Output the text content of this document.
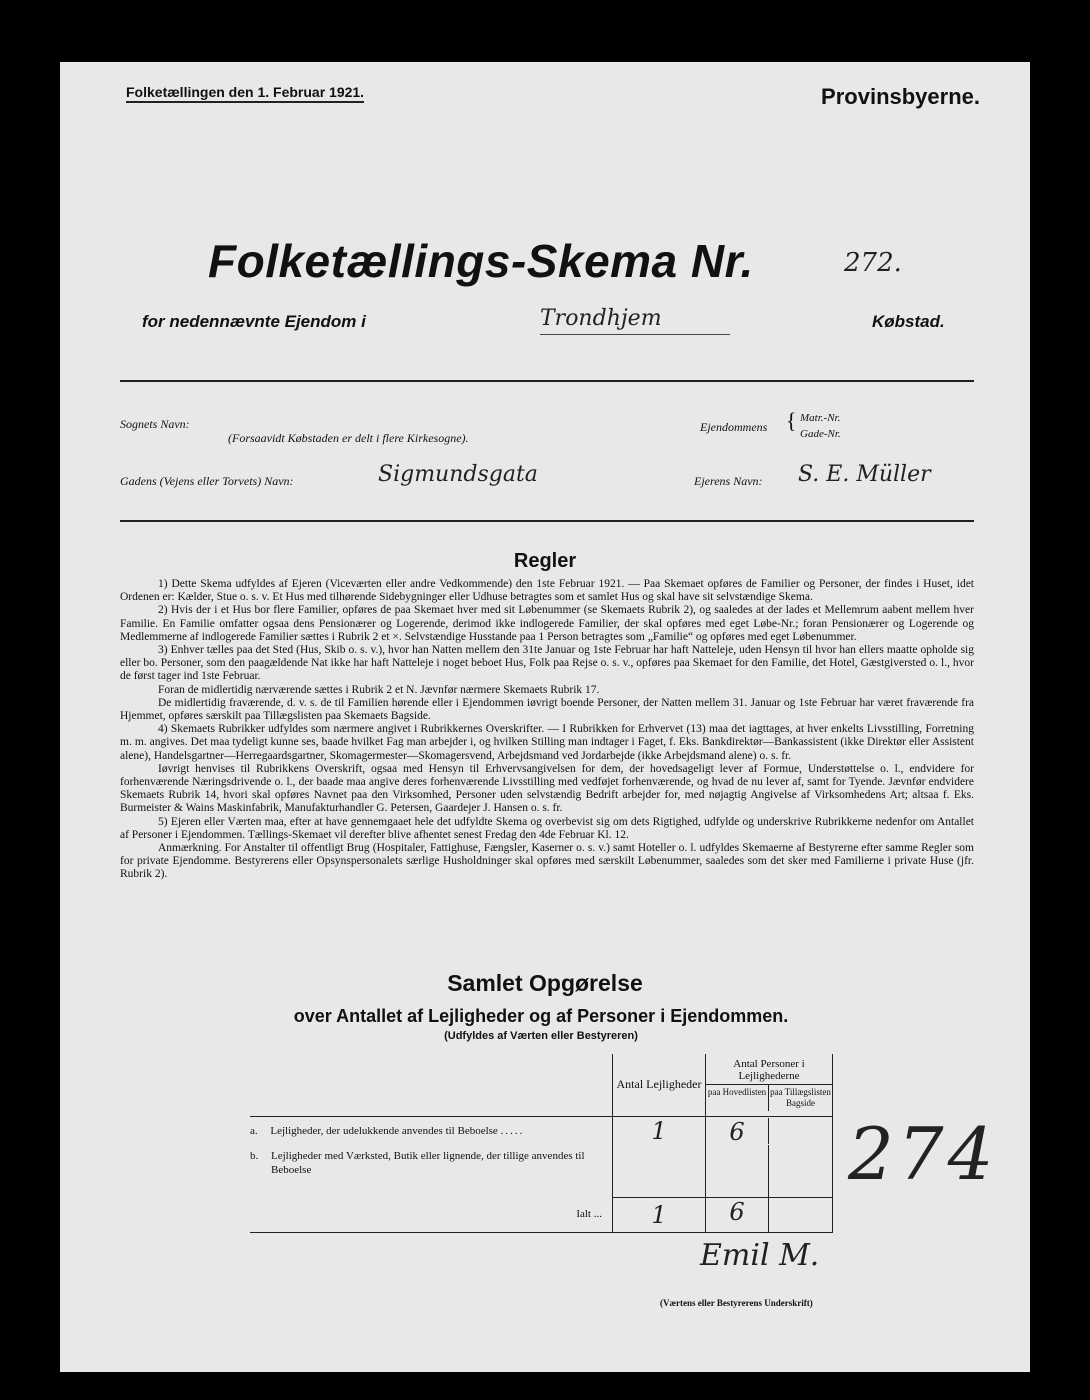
Folketællingen den 1. Februar 1921.	Provinsbyerne.
Folketællings-Skema Nr.	272.
for nedennævnte Ejendom i	Trondhjem	Købstad.
Sognets Navn:
(Forsaavidt Købstaden er delt i flere Kirkesogne).
Ejendommens { Matr.-Nr.
Gade-Nr.
Gadens (Vejens eller Torvets) Navn:	Sigmundsgata	Ejerens Navn: S. E. Müller
Regler

1) Dette Skema udfyldes af Ejeren (Viceværten eller andre Vedkommende) den 1ste Februar 1921. — Paa Skemaet opføres de Familier og Personer, der findes i Huset, idet Ordenen er: Kælder, Stue o. s. v. Et Hus med tilhørende Sidebygninger eller Udhuse betragtes som et samlet Hus og skal have sit selvstændige Skema.

2) Hvis der i et Hus bor flere Familier, opføres de paa Skemaet hver med sit Løbenummer (se Skemaets Rubrik 2), og saaledes at der lades et Mellemrum aabent mellem hver Familie. En Familie omfatter ogsaa dens Pensionærer og Logerende, derimod ikke indlogerede Familier, der skal opføres med eget Løbe-Nr.; foran Pensionærer og Logerende og Medlemmerne af indlogerede Familier sættes i Rubrik 2 et ×. Selvstændige Husstande paa 1 Person betragtes som „Familie“ og opføres med eget Løbenummer.

3) Enhver tælles paa det Sted (Hus, Skib o. s. v.), hvor han Natten mellem den 31te Januar og 1ste Februar har haft Natteleje, uden Hensyn til hvor han ellers maatte opholde sig eller bo. Personer, som den paagældende Nat ikke har haft Natteleje i noget beboet Hus, Folk paa Rejse o. s. v., opføres paa Skemaet for den Familie, det Hotel, Gæstgiversted o. l., hvor de først tager ind 1ste Februar.

Foran de midlertidig nærværende sættes i Rubrik 2 et N. Jævnfør nærmere Skemaets Rubrik 17.

De midlertidig fraværende, d. v. s. de til Familien hørende eller i Ejendommen iøvrigt boende Personer, der Natten mellem 31. Januar og 1ste Februar har været fraværende fra Hjemmet, opføres særskilt paa Tillægslisten paa Skemaets Bagside.

4) Skemaets Rubrikker udfyldes som nærmere angivet i Rubrikkernes Overskrifter. — I Rubrikken for Erhvervet (13) maa det iagttages, at hver enkelts Livsstilling, Forretning m. m. angives. Det maa tydeligt kunne ses, baade hvilket Fag man arbejder i, og hvilken Stilling man indtager i Faget, f. Eks. Bankdirektør—Bankassistent (ikke Direktør eller Assistent alene), Handelsgartner—Herregaardsgartner, Skomagermester—Skomagersvend, Arbejdsmand ved Jordarbejde (ikke Arbejdsmand alene) o. s. fr.

Iøvrigt henvises til Rubrikkens Overskrift, ogsaa med Hensyn til Erhvervsangivelsen for dem, der hovedsageligt lever af Formue, Understøttelse o. l., endvidere for forhenværende Næringsdrivende o. l., der baade maa angive deres forhenværende Livsstilling med vedføjet forhenværende, og hvad de nu lever af, samt for Tyende. Jævnfør endvidere Skemaets Rubrik 14, hvori skal opføres Navnet paa den Virksomhed, Personer uden selvstændig Bedrift arbejder for, med nøjagtig Angivelse af Virksomhedens Art; altsaa f. Eks. Burmeister & Wains Maskinfabrik, Manufakturhandler G. Petersen, Gaardejer J. Hansen o. s. fr.

5) Ejeren eller Værten maa, efter at have gennemgaaet hele det udfyldte Skema og overbevist sig om dets Rigtighed, udfylde og underskrive Rubrikkerne nedenfor om Antallet af Personer i Ejendommen. Tællings-Skemaet vil derefter blive afhentet senest Fredag den 4de Februar Kl. 12.

Anmærkning. For Anstalter til offentligt Brug (Hospitaler, Fattighuse, Fængsler, Kaserner o. s. v.) samt Hoteller o. l. udfyldes Skemaerne af Bestyrerne efter samme Regler som for private Ejendomme. Bestyrerens eller Opsynspersonalets særlige Husholdninger skal opføres med særskilt Løbenummer, saaledes som det sker med Familierne i private Huse (jfr. Rubrik 2).

Samlet Opgørelse
over Antallet af Lejligheder og af Personer i Ejendommen.
(Udfyldes af Værten eller Bestyreren)
	Antal Lejligheder	Antal Personer i Lejlighederne
paa Hovedlisten paa Tillægslisten Bagside

a. Lejligheder, der udelukkende anvendes til Beboelse .....	1	6

b. Lejligheder med Værksted, Butik eller lignende, der tillige anvendes til Beboelse		

Ialt ...	1	6
274
Emil M.
(Værtens eller Bestyrerens Underskrift)
